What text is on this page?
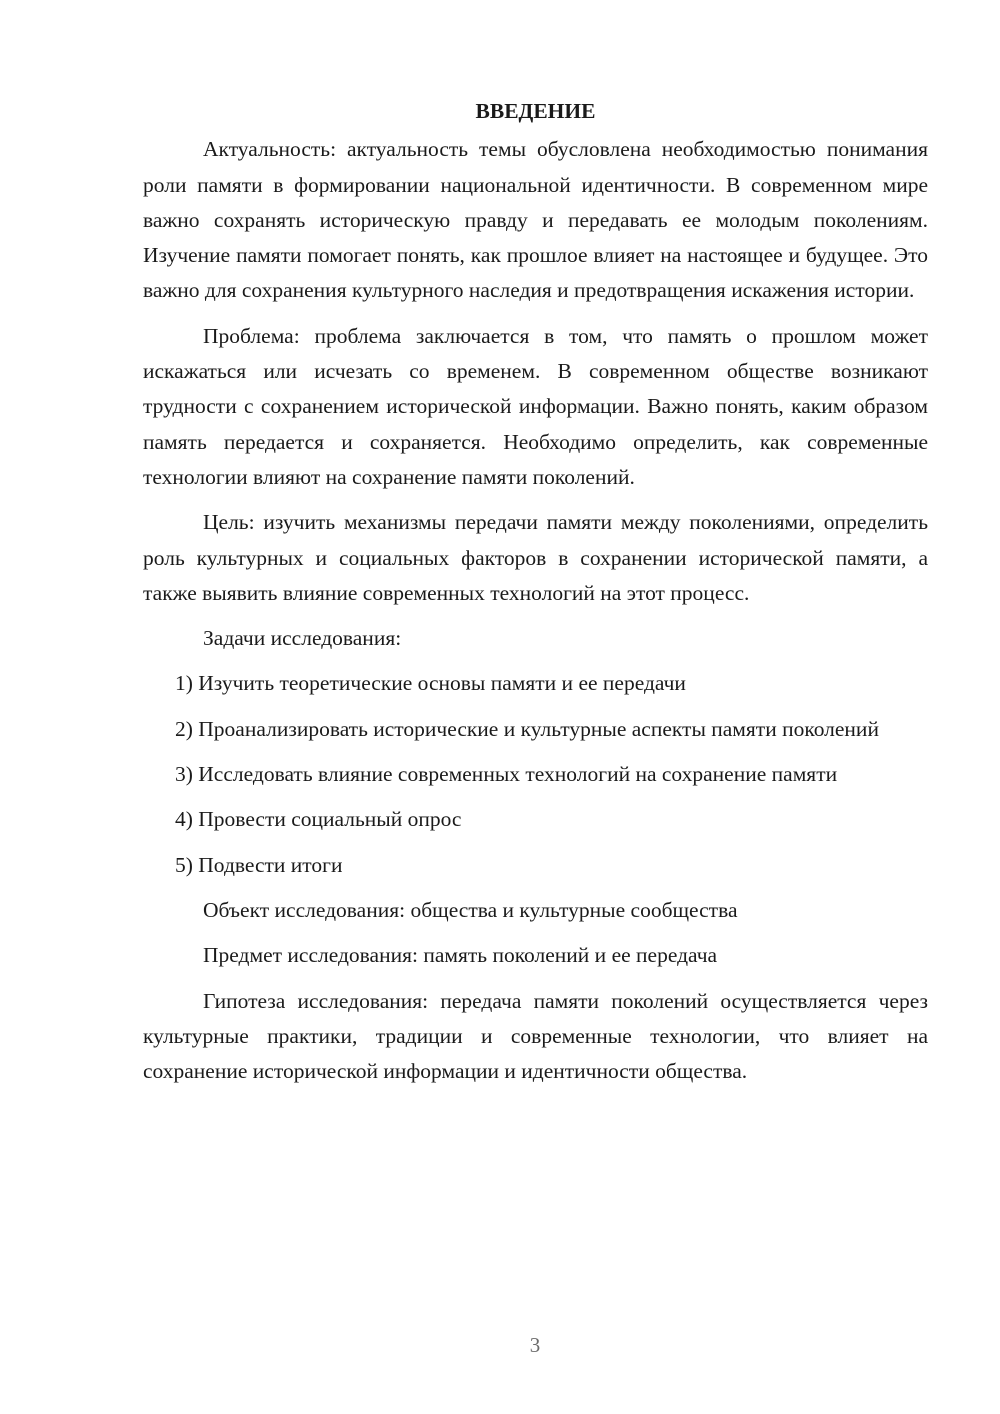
ВВЕДЕНИЕ

Актуальность: актуальность темы обусловлена необходимостью понимания роли памяти в формировании национальной идентичности. В современном мире важно сохранять историческую правду и передавать ее молодым поколениям. Изучение памяти помогает понять, как прошлое влияет на настоящее и будущее. Это важно для сохранения культурного наследия и предотвращения искажения истории.

Проблема: проблема заключается в том, что память о прошлом может искажаться или исчезать со временем. В современном обществе возникают трудности с сохранением исторической информации. Важно понять, каким образом память передается и сохраняется. Необходимо определить, как современные технологии влияют на сохранение памяти поколений.

Цель: изучить механизмы передачи памяти между поколениями, определить роль культурных и социальных факторов в сохранении исторической памяти, а также выявить влияние современных технологий на этот процесс.

Задачи исследования:

1) Изучить теоретические основы памяти и ее передачи

2) Проанализировать исторические и культурные аспекты памяти поколений

3) Исследовать влияние современных технологий на сохранение памяти

4) Провести социальный опрос

5) Подвести итоги

Объект исследования: общества и культурные сообщества

Предмет исследования: память поколений и ее передача

Гипотеза исследования: передача памяти поколений осуществляется через культурные практики, традиции и современные технологии, что влияет на сохранение исторической информации и идентичности общества.

3
